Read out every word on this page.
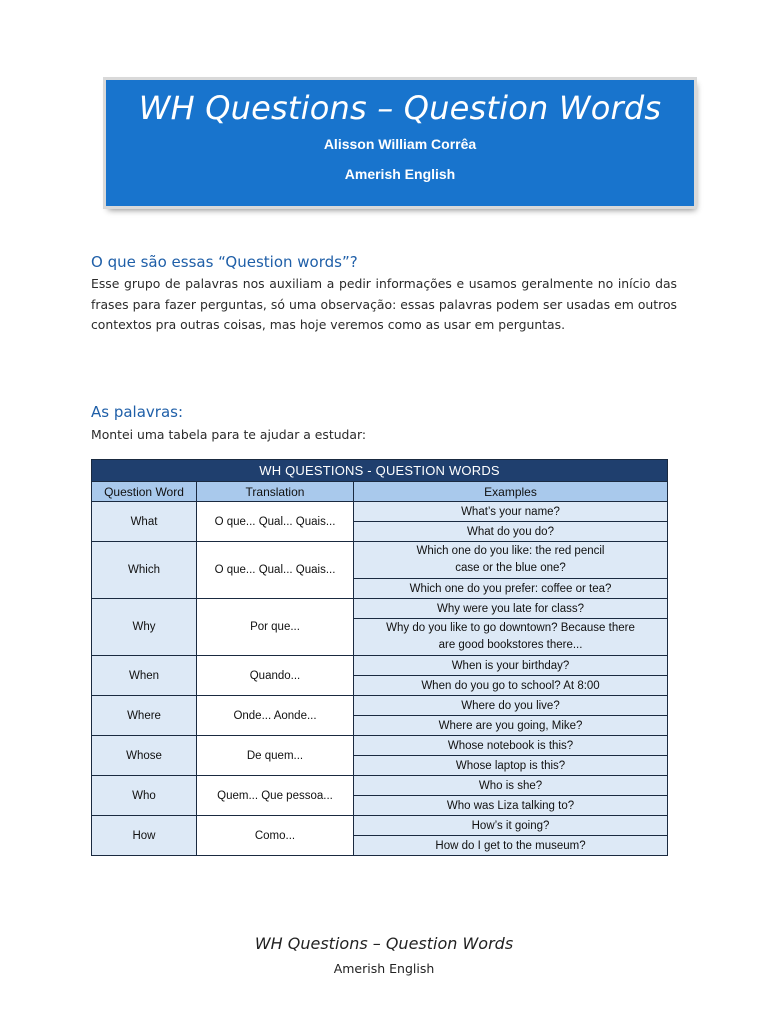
WH Questions – Question Words
Alisson William Corrêa
Amerish English
O que são essas “Question words”?
Esse grupo de palavras nos auxiliam a pedir informações e usamos geralmente no início das frases para fazer perguntas, só uma observação: essas palavras podem ser usadas em outros contextos pra outras coisas, mas hoje veremos como as usar em perguntas.
As palavras:
Montei uma tabela para te ajudar a estudar:
WH QUESTIONS - QUESTION WORDS		
Question Word	Translation	Examples
What	O que... Qual... Quais...	What’s your name?
		What do you do?
Which	O que... Qual... Quais...	Which one do you like: the red pencil case or the blue one?
		Which one do you prefer: coffee or tea?
Why	Por que...	Why were you late for class?
		Why do you like to go downtown? Because there are good bookstores there...
When	Quando...	When is your birthday?
		When do you go to school? At 8:00
Where	Onde... Aonde...	Where do you live?
		Where are you going, Mike?
Whose	De quem...	Whose notebook is this?
		Whose laptop is this?
Who	Quem... Que pessoa...	Who is she?
		Who was Liza talking to?
How	Como...	How’s it going?
		How do I get to the museum?
WH Questions – Question Words
Amerish English
